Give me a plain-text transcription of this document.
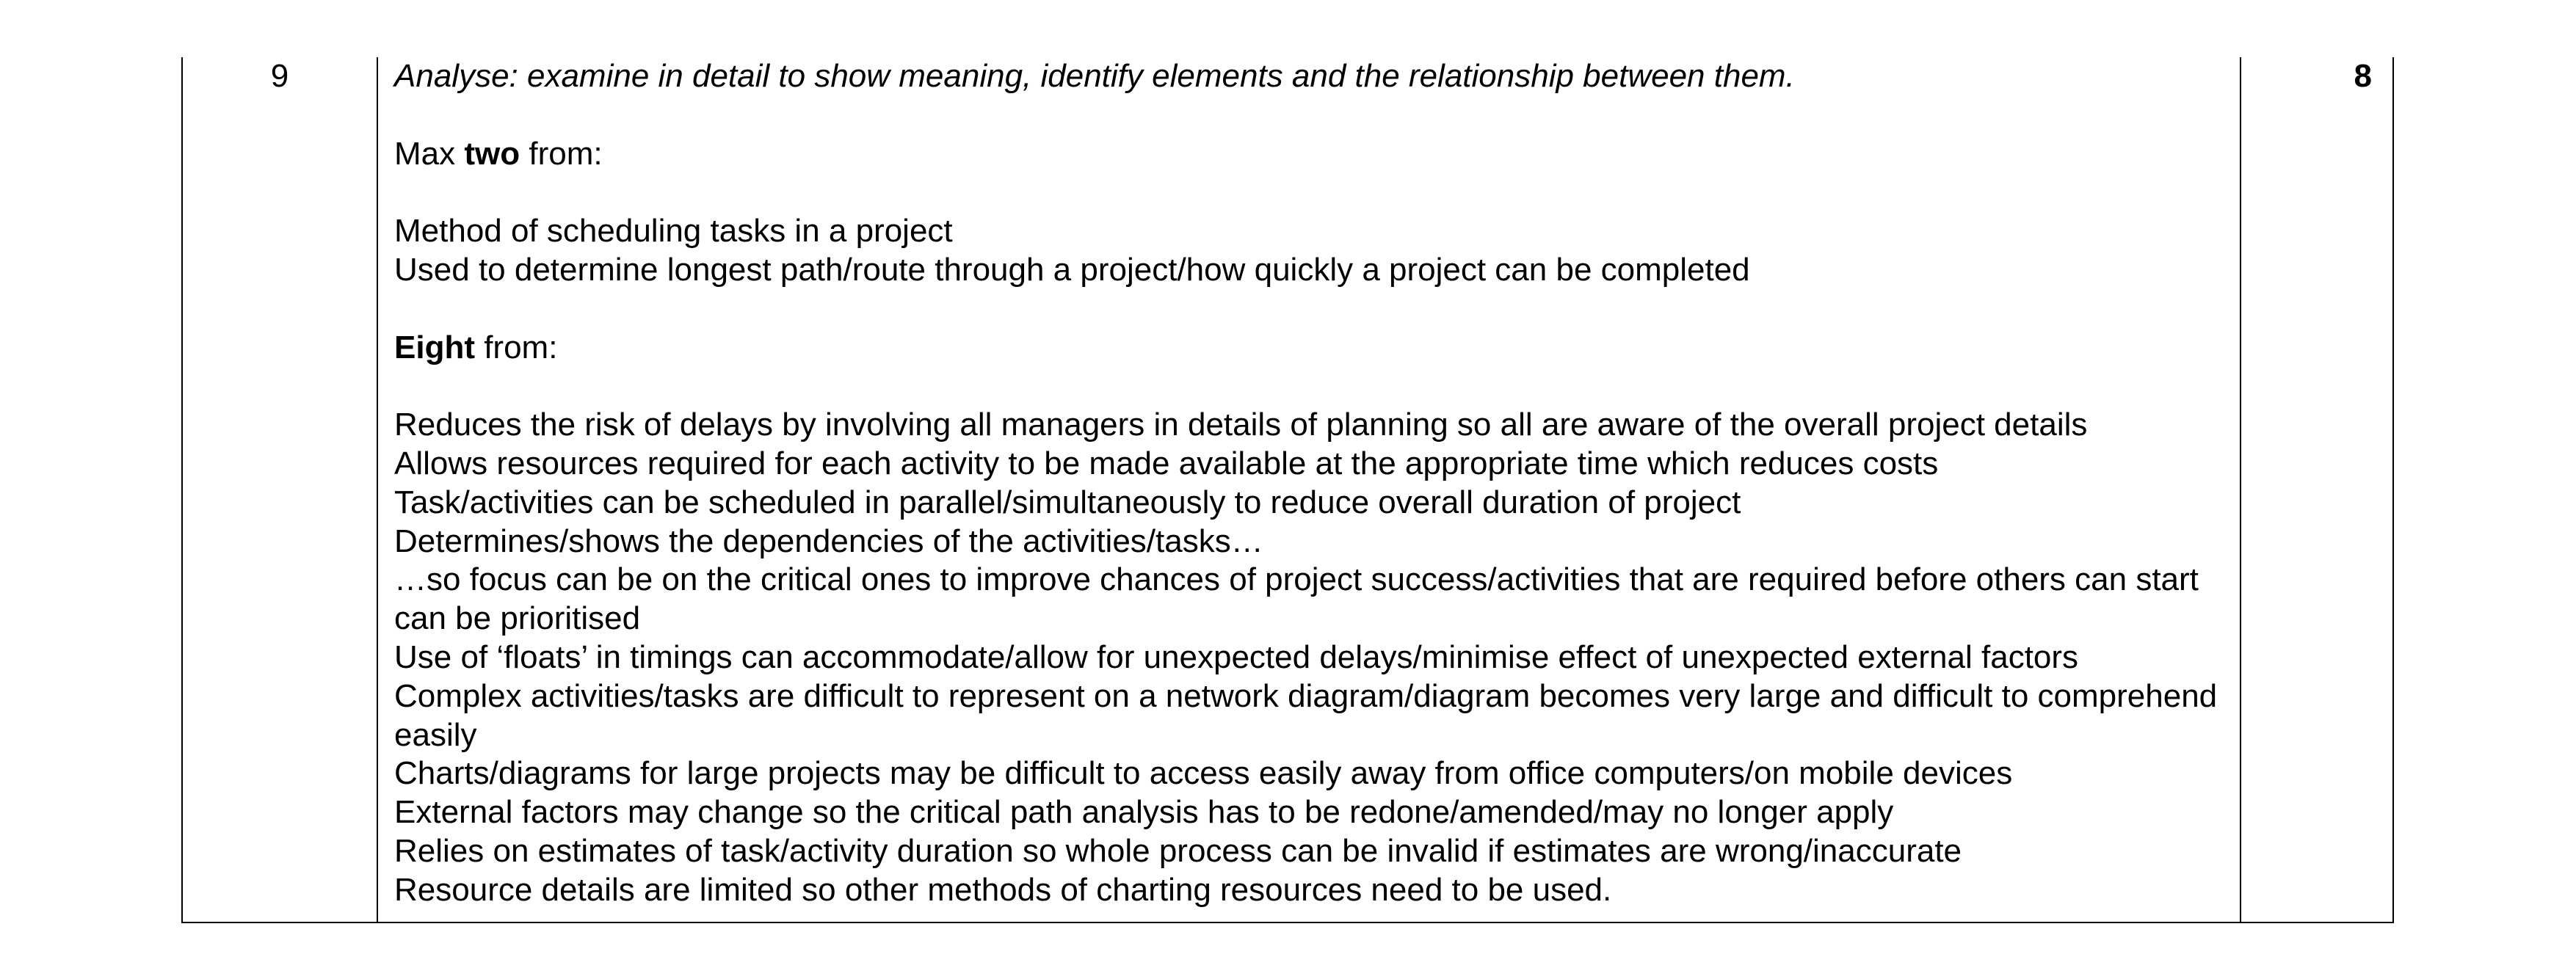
9	Analyse: examine in detail to show meaning, identify elements and the relationship between them.

Max two from:

Method of scheduling tasks in a project

Used to determine longest path/route through a project/how quickly a project can be completed

Eight from:

Reduces the risk of delays by involving all managers in details of planning so all are aware of the overall project details

Allows resources required for each activity to be made available at the appropriate time which reduces costs

Task/activities can be scheduled in parallel/simultaneously to reduce overall duration of project

Determines/shows the dependencies of the activities/tasks…

…so focus can be on the critical ones to improve chances of project success/activities that are required before others can start can be prioritised

Use of ‘floats’ in timings can accommodate/allow for unexpected delays/minimise effect of unexpected external factors

Complex activities/tasks are difficult to represent on a network diagram/diagram becomes very large and difficult to comprehend easily

Charts/diagrams for large projects may be difficult to access easily away from office computers/on mobile devices

External factors may change so the critical path analysis has to be redone/amended/may no longer apply

Relies on estimates of task/activity duration so whole process can be invalid if estimates are wrong/inaccurate

Resource details are limited so other methods of charting resources need to be used.

8
